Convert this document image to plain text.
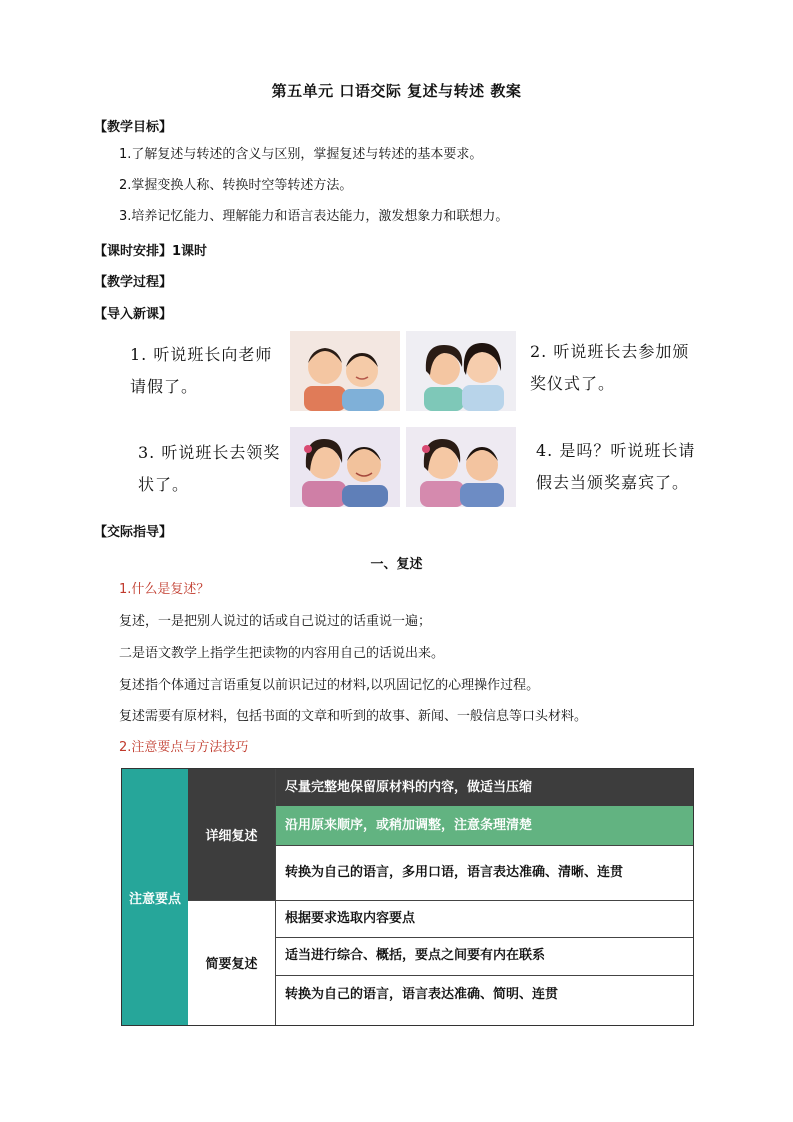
第五单元 口语交际 复述与转述 教案
【教学目标】
1.了解复述与转述的含义与区别，掌握复述与转述的基本要求。
2.掌握变换人称、转换时空等转述方法。
3.培养记忆能力、理解能力和语言表达能力，激发想象力和联想力。
【课时安排】1课时
【教学过程】
【导入新课】
1. 听说班长向老师
请假了。
2. 听说班长去参加颁
奖仪式了。
3. 听说班长去领奖
状了。
4. 是吗？听说班长请
假去当颁奖嘉宾了。
【交际指导】
一、复述
1.什么是复述？
复述，一是把别人说过的话或自己说过的话重说一遍；
二是语文教学上指学生把读物的内容用自己的话说出来。
复述指个体通过言语重复以前识记过的材料,以巩固记忆的心理操作过程。
复述需要有原材料，包括书面的文章和听到的故事、新闻、一般信息等口头材料。
2.注意要点与方法技巧
注意要点
详细复述
简要复述
尽量完整地保留原材料的内容，做适当压缩
沿用原来顺序，或稍加调整，注意条理清楚
转换为自己的语言，多用口语，语言表达准确、清晰、连贯
根据要求选取内容要点
适当进行综合、概括，要点之间要有内在联系
转换为自己的语言，语言表达准确、简明、连贯
